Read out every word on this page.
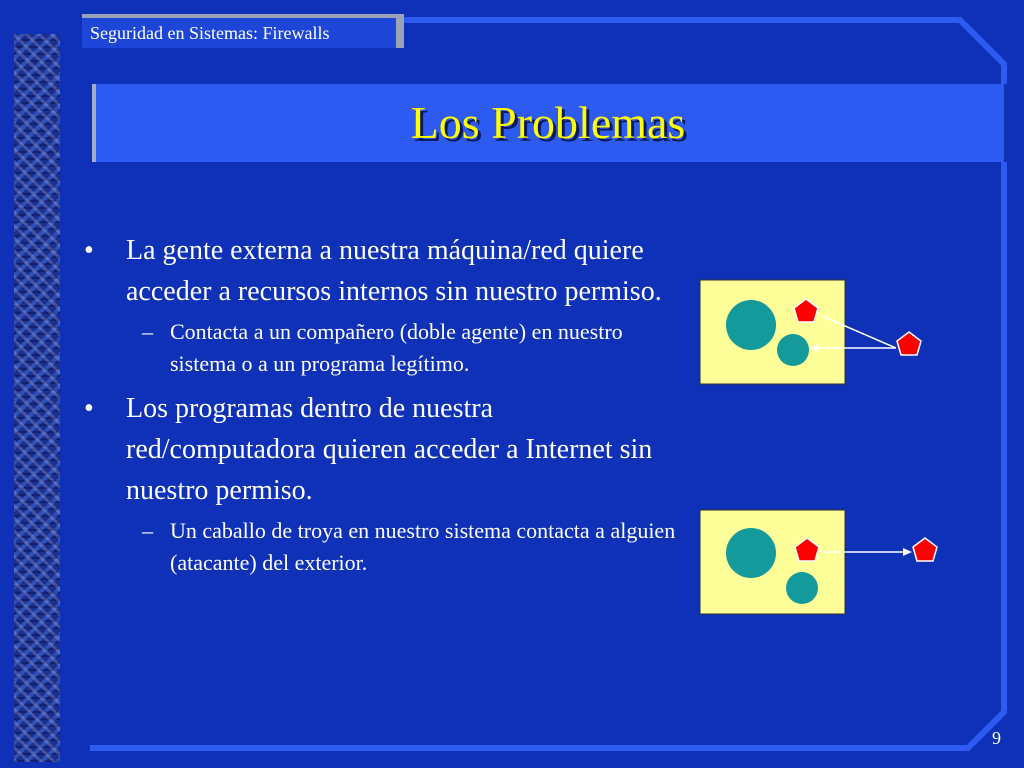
Seguridad en Sistemas: Firewalls
Los Problemas
• La gente externa a nuestra máquina/red quiere acceder a recursos internos sin nuestro permiso.
– Contacta a un compañero (doble agente) en nuestro sistema o a un programa legítimo.
• Los programas dentro de nuestra red/computadora quieren acceder a Internet sin nuestro permiso.
– Un caballo de troya en nuestro sistema contacta a alguien (atacante) del exterior.
9
